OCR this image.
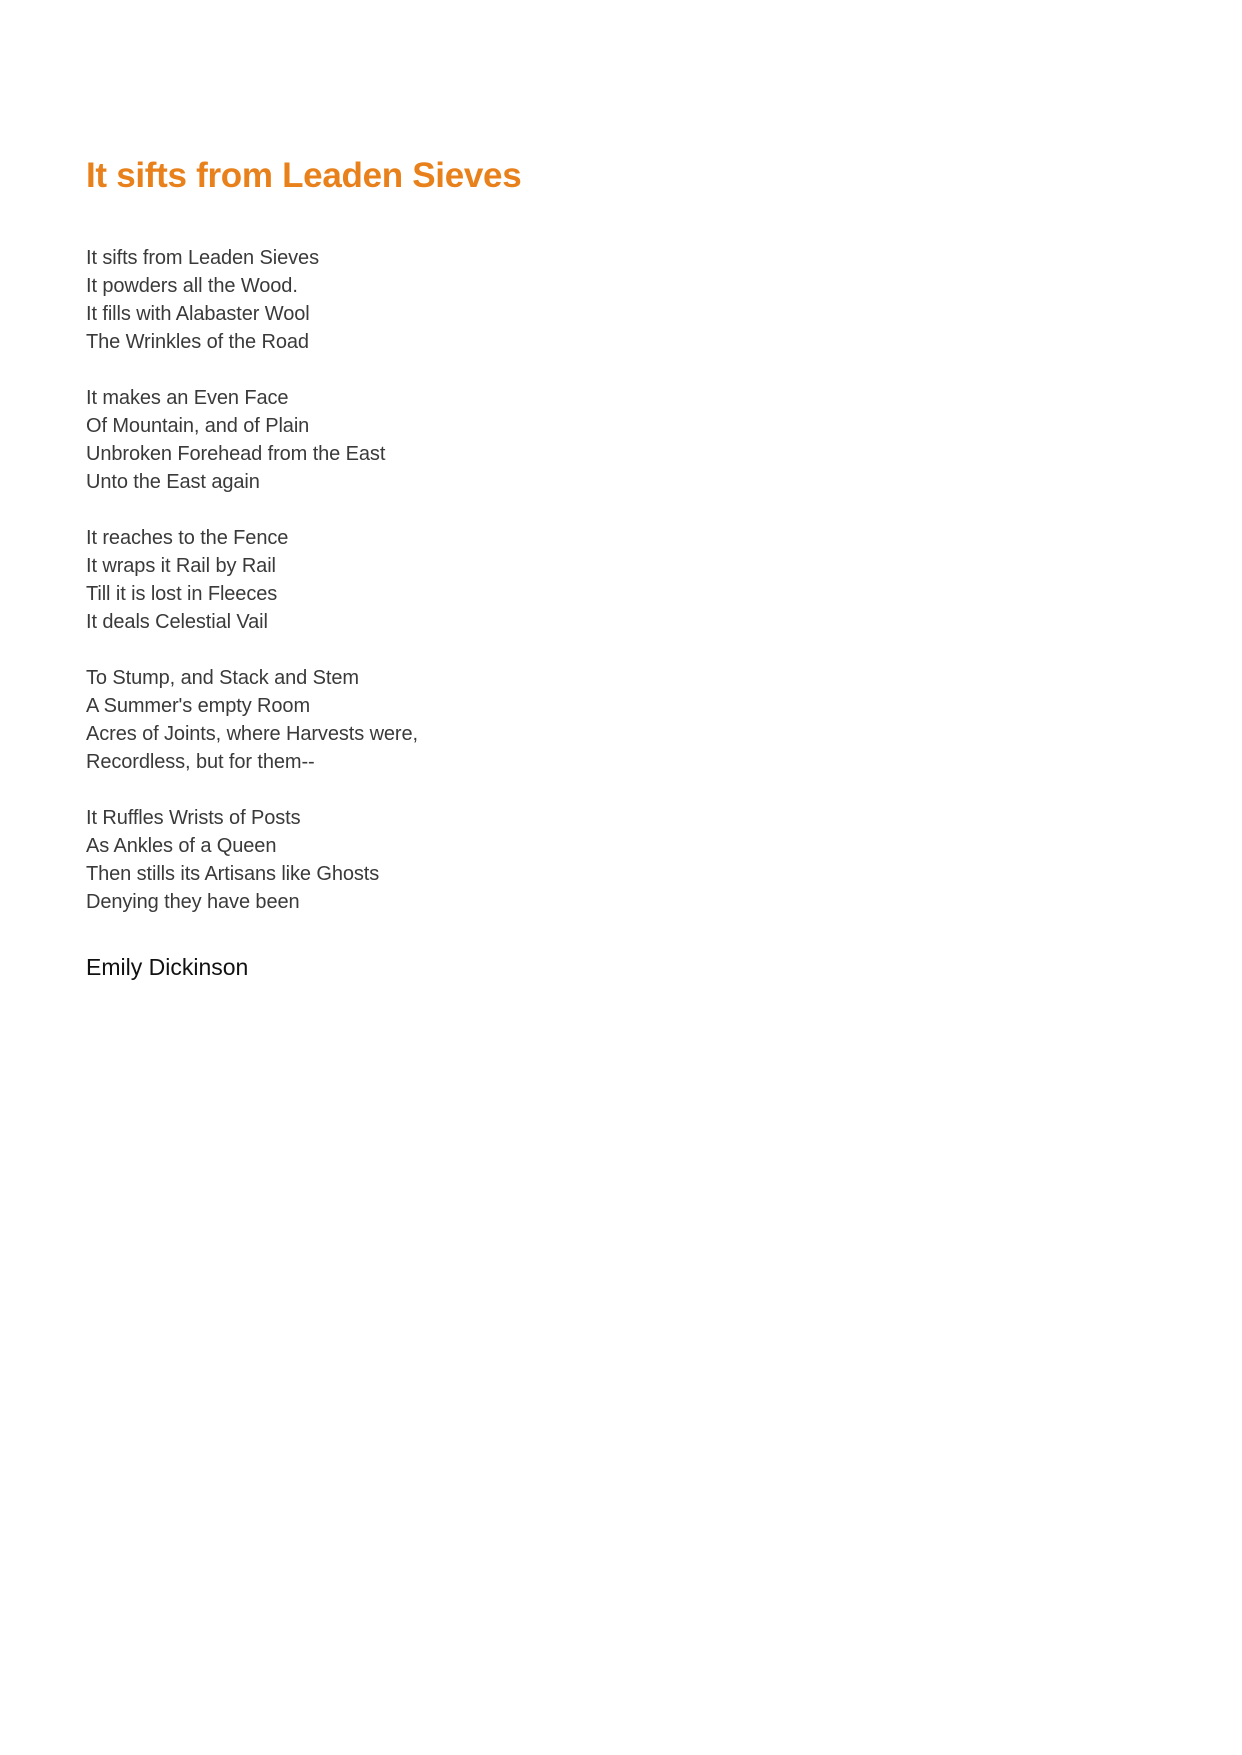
It sifts from Leaden Sieves
It sifts from Leaden Sieves
It powders all the Wood.
It fills with Alabaster Wool
The Wrinkles of the Road
It makes an Even Face
Of Mountain, and of Plain
Unbroken Forehead from the East
Unto the East again
It reaches to the Fence
It wraps it Rail by Rail
Till it is lost in Fleeces
It deals Celestial Vail
To Stump, and Stack and Stem
A Summer's empty Room
Acres of Joints, where Harvests were,
Recordless, but for them--
It Ruffles Wrists of Posts
As Ankles of a Queen
Then stills its Artisans like Ghosts
Denying they have been
Emily Dickinson
